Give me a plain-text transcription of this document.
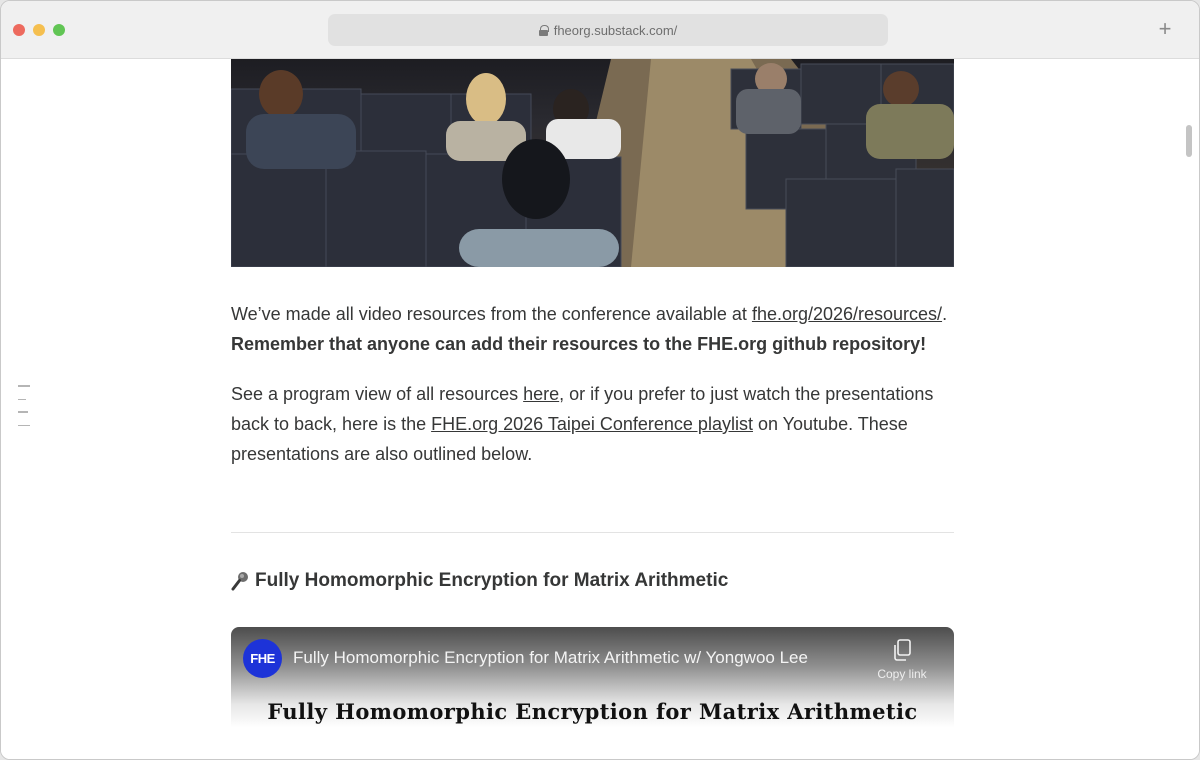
fheorg.substack.com/	+

We’ve made all video resources from the conference available at fhe.org/2026/resources/. Remember that anyone can add their resources to the FHE.org github repository!

See a program view of all resources here, or if you prefer to just watch the presentations back to back, here is the FHE.org 2026 Taipei Conference playlist on Youtube. These presentations are also outlined below.

Fully Homomorphic Encryption for Matrix Arithmetic
FHE	Fully Homomorphic Encryption for Matrix Arithmetic w/ Yongwoo Lee
Copy link
Fully Homomorphic Encryption for Matrix Arithmetic
